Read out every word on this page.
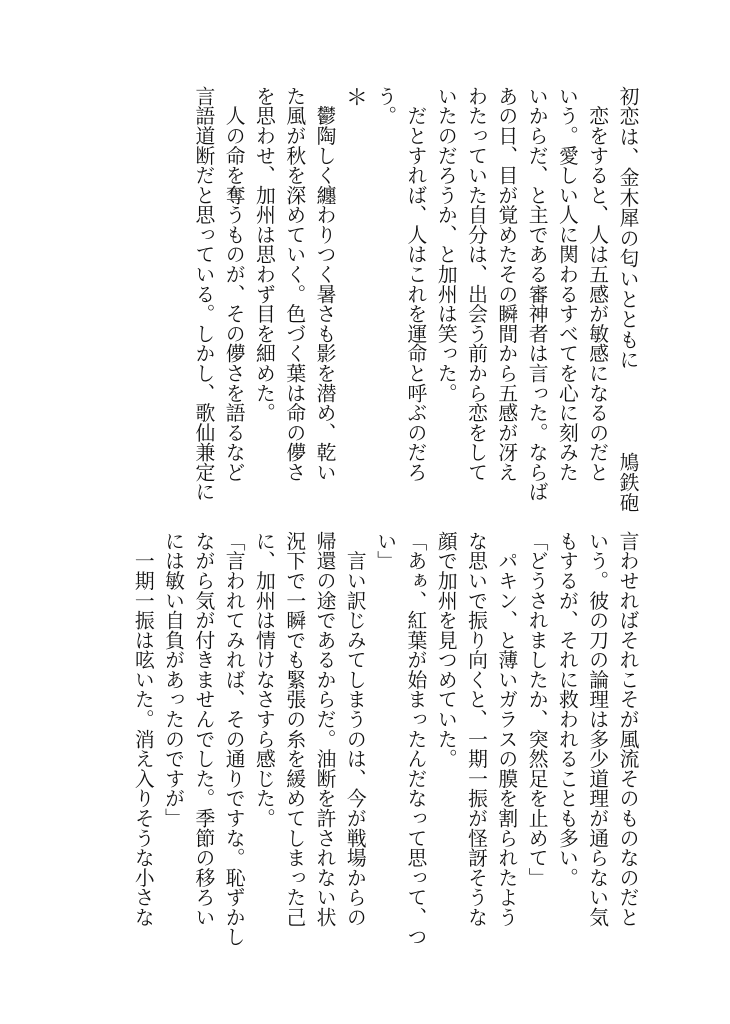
初恋は、金木犀の匂いとともに鳩鉄砲
　恋をすると、人は五感が敏感になるのだと
いう。愛しい人に関わるすべてを心に刻みた
いからだ、と主である審神者は言った。ならば
あの日、目が覚めたその瞬間から五感が冴え
わたっていた自分は、出会う前から恋をして
いたのだろうか、と加州は笑った。
　だとすれば、人はこれを運命と呼ぶのだろ
う。
＊
　鬱陶しく纏わりつく暑さも影を潜め、乾い
た風が秋を深めていく。色づく葉は命の儚さ
を思わせ、加州は思わず目を細めた。
　人の命を奪うものが、その儚さを語るなど
言語道断だと思っている。しかし、歌仙兼定に
言わせればそれこそが風流そのものなのだと
いう。彼の刀の論理は多少道理が通らない気
もするが、それに救われることも多い。
「どうされましたか、突然足を止めて」
　パキン、と薄いガラスの膜を割られたよう
な思いで振り向くと、一期一振が怪訝そうな
顔で加州を見つめていた。
「あぁ、紅葉が始まったんだなって思って、つ
い」
　言い訳じみてしまうのは、今が戦場からの
帰還の途であるからだ。油断を許されない状
況下で一瞬でも緊張の糸を緩めてしまった己
に、加州は情けなさすら感じた。
「言われてみれば、その通りですな。恥ずかし
ながら気が付きませんでした。季節の移ろい
には敏い自負があったのですが」
　一期一振は呟いた。消え入りそうな小さな
